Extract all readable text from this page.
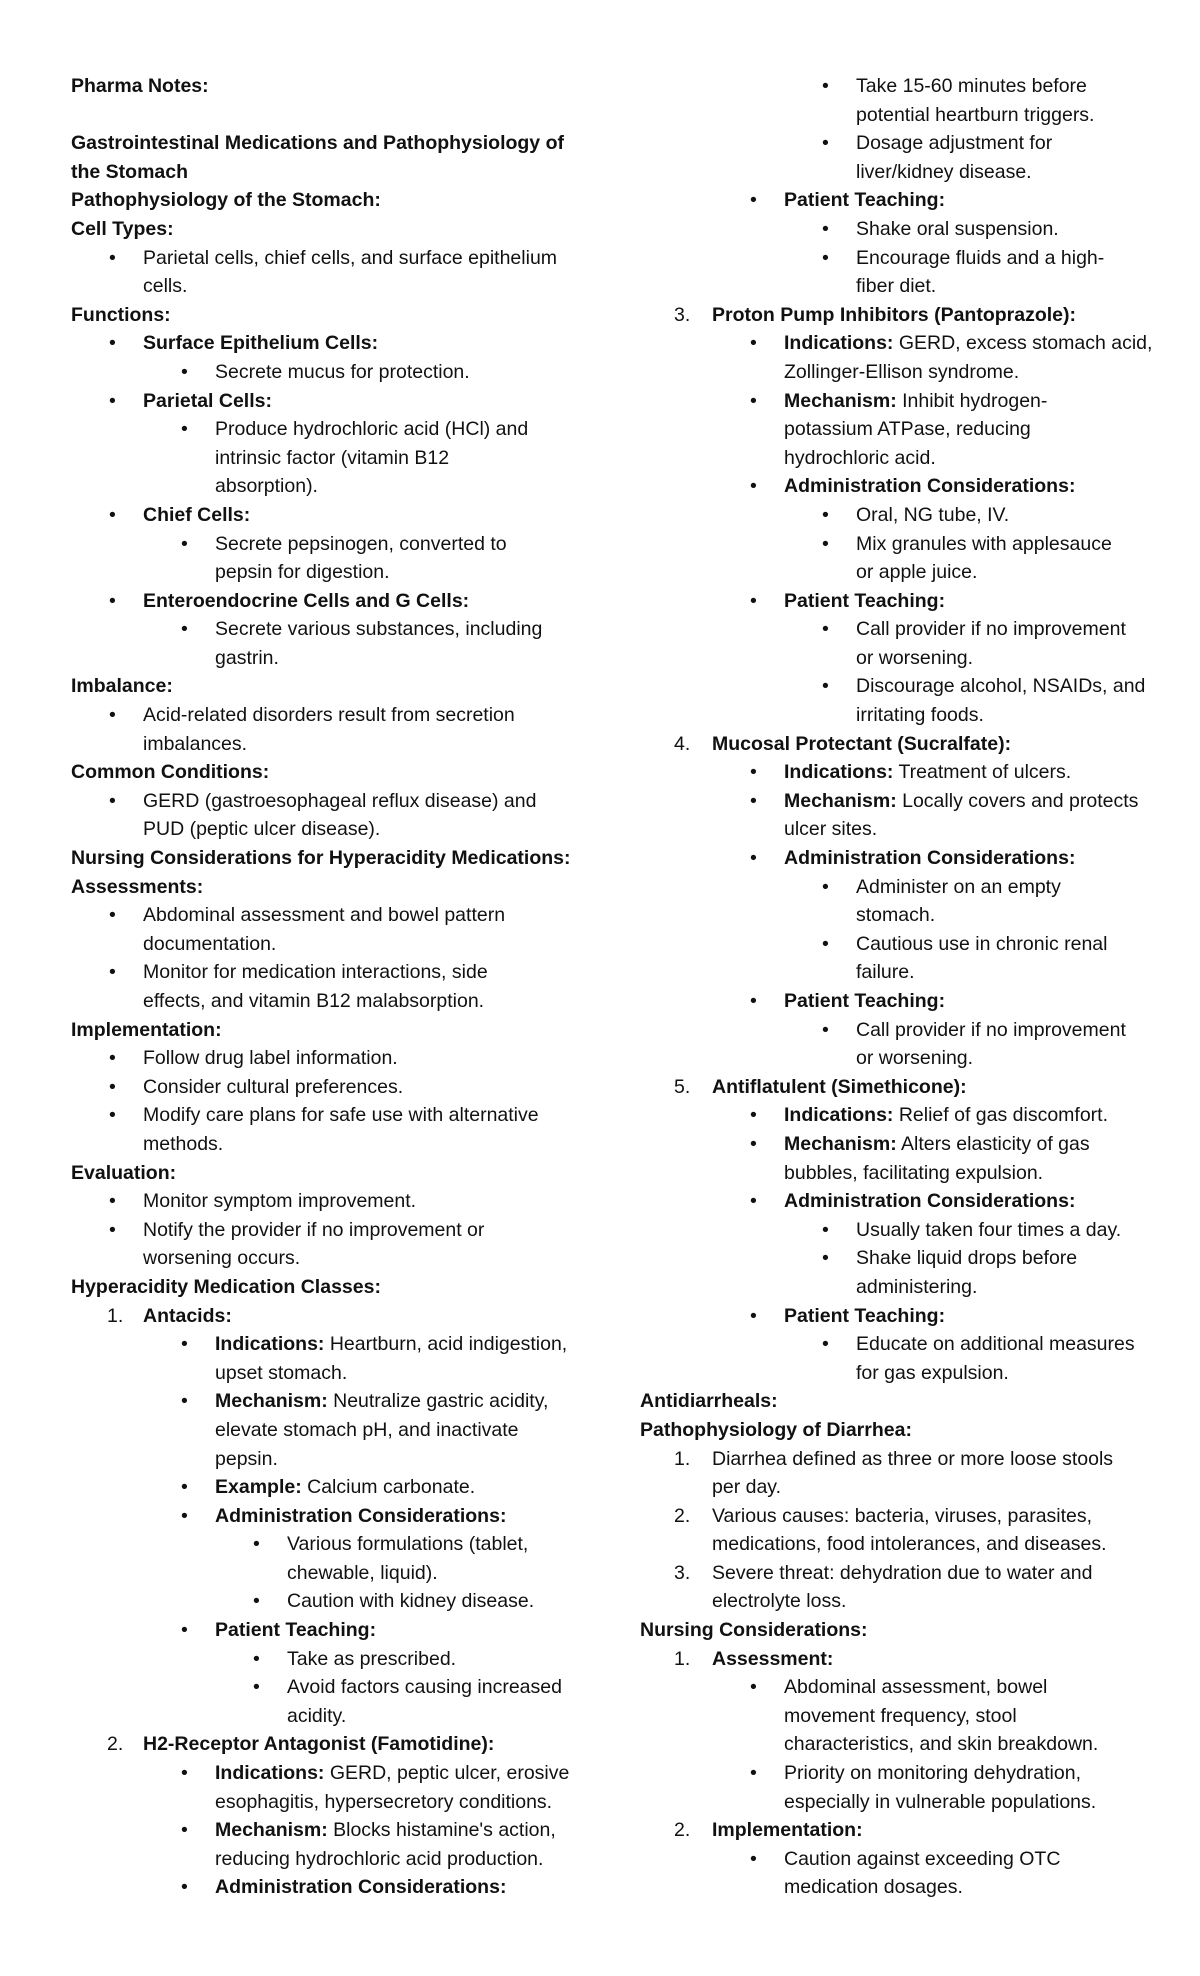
Pharma Notes:
Gastrointestinal Medications and Pathophysiology of
the Stomach
Pathophysiology of the Stomach:
Cell Types:
• Parietal cells, chief cells, and surface epithelium
cells.
Functions:
• Surface Epithelium Cells:
• Secrete mucus for protection.
• Parietal Cells:
• Produce hydrochloric acid (HCl) and
intrinsic factor (vitamin B12
absorption).
• Chief Cells:
• Secrete pepsinogen, converted to
pepsin for digestion.
• Enteroendocrine Cells and G Cells:
• Secrete various substances, including
gastrin.
Imbalance:
• Acid-related disorders result from secretion
imbalances.
Common Conditions:
• GERD (gastroesophageal reflux disease) and
PUD (peptic ulcer disease).
Nursing Considerations for Hyperacidity Medications:
Assessments:
• Abdominal assessment and bowel pattern
documentation.
• Monitor for medication interactions, side
effects, and vitamin B12 malabsorption.
Implementation:
• Follow drug label information.
• Consider cultural preferences.
• Modify care plans for safe use with alternative
methods.
Evaluation:
• Monitor symptom improvement.
• Notify the provider if no improvement or
worsening occurs.
Hyperacidity Medication Classes:
1. Antacids:
• Indications: Heartburn, acid indigestion,
upset stomach.
• Mechanism: Neutralize gastric acidity,
elevate stomach pH, and inactivate
pepsin.
• Example: Calcium carbonate.
• Administration Considerations:
• Various formulations (tablet,
chewable, liquid).
• Caution with kidney disease.
• Patient Teaching:
• Take as prescribed.
• Avoid factors causing increased
acidity.
2. H2-Receptor Antagonist (Famotidine):
• Indications: GERD, peptic ulcer, erosive
esophagitis, hypersecretory conditions.
• Mechanism: Blocks histamine's action,
reducing hydrochloric acid production.
• Administration Considerations:
• Take 15-60 minutes before
potential heartburn triggers.
• Dosage adjustment for
liver/kidney disease.
• Patient Teaching:
• Shake oral suspension.
• Encourage fluids and a high-
fiber diet.
3. Proton Pump Inhibitors (Pantoprazole):
• Indications: GERD, excess stomach acid,
Zollinger-Ellison syndrome.
• Mechanism: Inhibit hydrogen-
potassium ATPase, reducing
hydrochloric acid.
• Administration Considerations:
• Oral, NG tube, IV.
• Mix granules with applesauce
or apple juice.
• Patient Teaching:
• Call provider if no improvement
or worsening.
• Discourage alcohol, NSAIDs, and
irritating foods.
4. Mucosal Protectant (Sucralfate):
• Indications: Treatment of ulcers.
• Mechanism: Locally covers and protects
ulcer sites.
• Administration Considerations:
• Administer on an empty
stomach.
• Cautious use in chronic renal
failure.
• Patient Teaching:
• Call provider if no improvement
or worsening.
5. Antiflatulent (Simethicone):
• Indications: Relief of gas discomfort.
• Mechanism: Alters elasticity of gas
bubbles, facilitating expulsion.
• Administration Considerations:
• Usually taken four times a day.
• Shake liquid drops before
administering.
• Patient Teaching:
• Educate on additional measures
for gas expulsion.
Antidiarrheals:
Pathophysiology of Diarrhea:
1. Diarrhea defined as three or more loose stools
per day.
2. Various causes: bacteria, viruses, parasites,
medications, food intolerances, and diseases.
3. Severe threat: dehydration due to water and
electrolyte loss.
Nursing Considerations:
1. Assessment:
• Abdominal assessment, bowel
movement frequency, stool
characteristics, and skin breakdown.
• Priority on monitoring dehydration,
especially in vulnerable populations.
2. Implementation:
• Caution against exceeding OTC
medication dosages.
